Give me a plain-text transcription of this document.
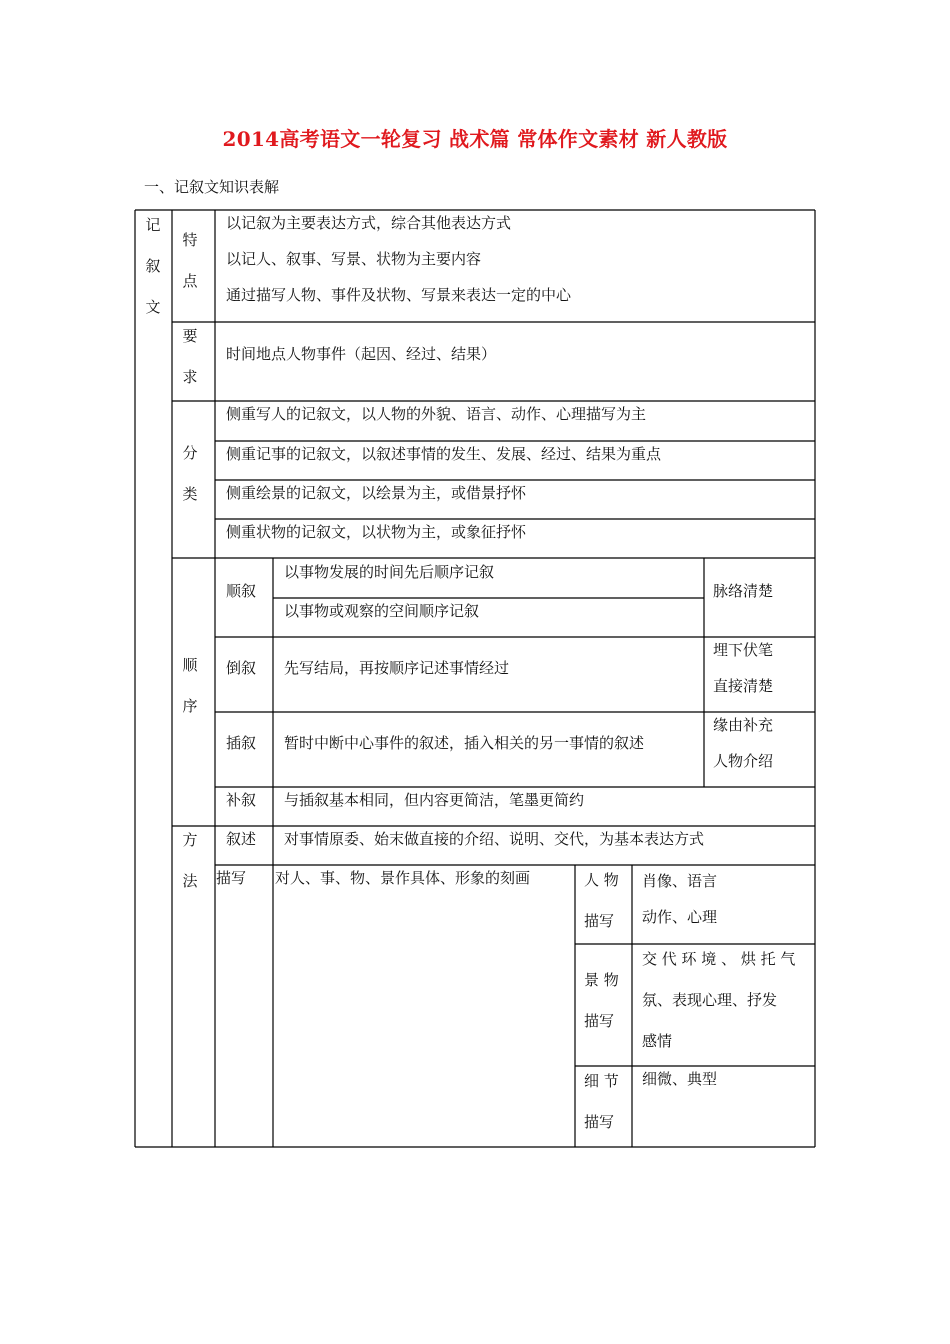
2014高考语文一轮复习 战术篇 常体作文素材 新人教版
一、记叙文知识表解
记
叙
文
特
点

以记叙为主要表达方式，综合其他表达方式

以记人、叙事、写景、状物为主要内容

通过描写人物、事件及状物、写景来表达一定的中心

要
求
时间地点人物事件（起因、经过、结果）
分
类
侧重写人的记叙文，以人物的外貌、语言、动作、心理描写为主
侧重记事的记叙文，以叙述事情的发生、发展、经过、结果为重点
侧重绘景的记叙文，以绘景为主，或借景抒怀
侧重状物的记叙文，以状物为主，或象征抒怀
顺
序
顺叙
以事物发展的时间先后顺序记叙
以事物或观察的空间顺序记叙
脉络清楚
倒叙 先写结局，再按顺序记述事情经过

埋下伏笔

直接清楚

插叙 暂时中断中心事件的叙述，插入相关的另一事情的叙述

缘由补充

人物介绍

补叙 与插叙基本相同，但内容更简洁，笔墨更简约
方
法
叙述 对事情原委、始末做直接的介绍、说明、交代，为基本表达方式
描写 对人、事、物、景作具体、形象的刻画	人 物

描写

肖像、语言

动作、心理

景 物

描写

交 代 环 境 、 烘 托 气

氛、表现心理、抒发

感情

细 节

描写

细微、典型
